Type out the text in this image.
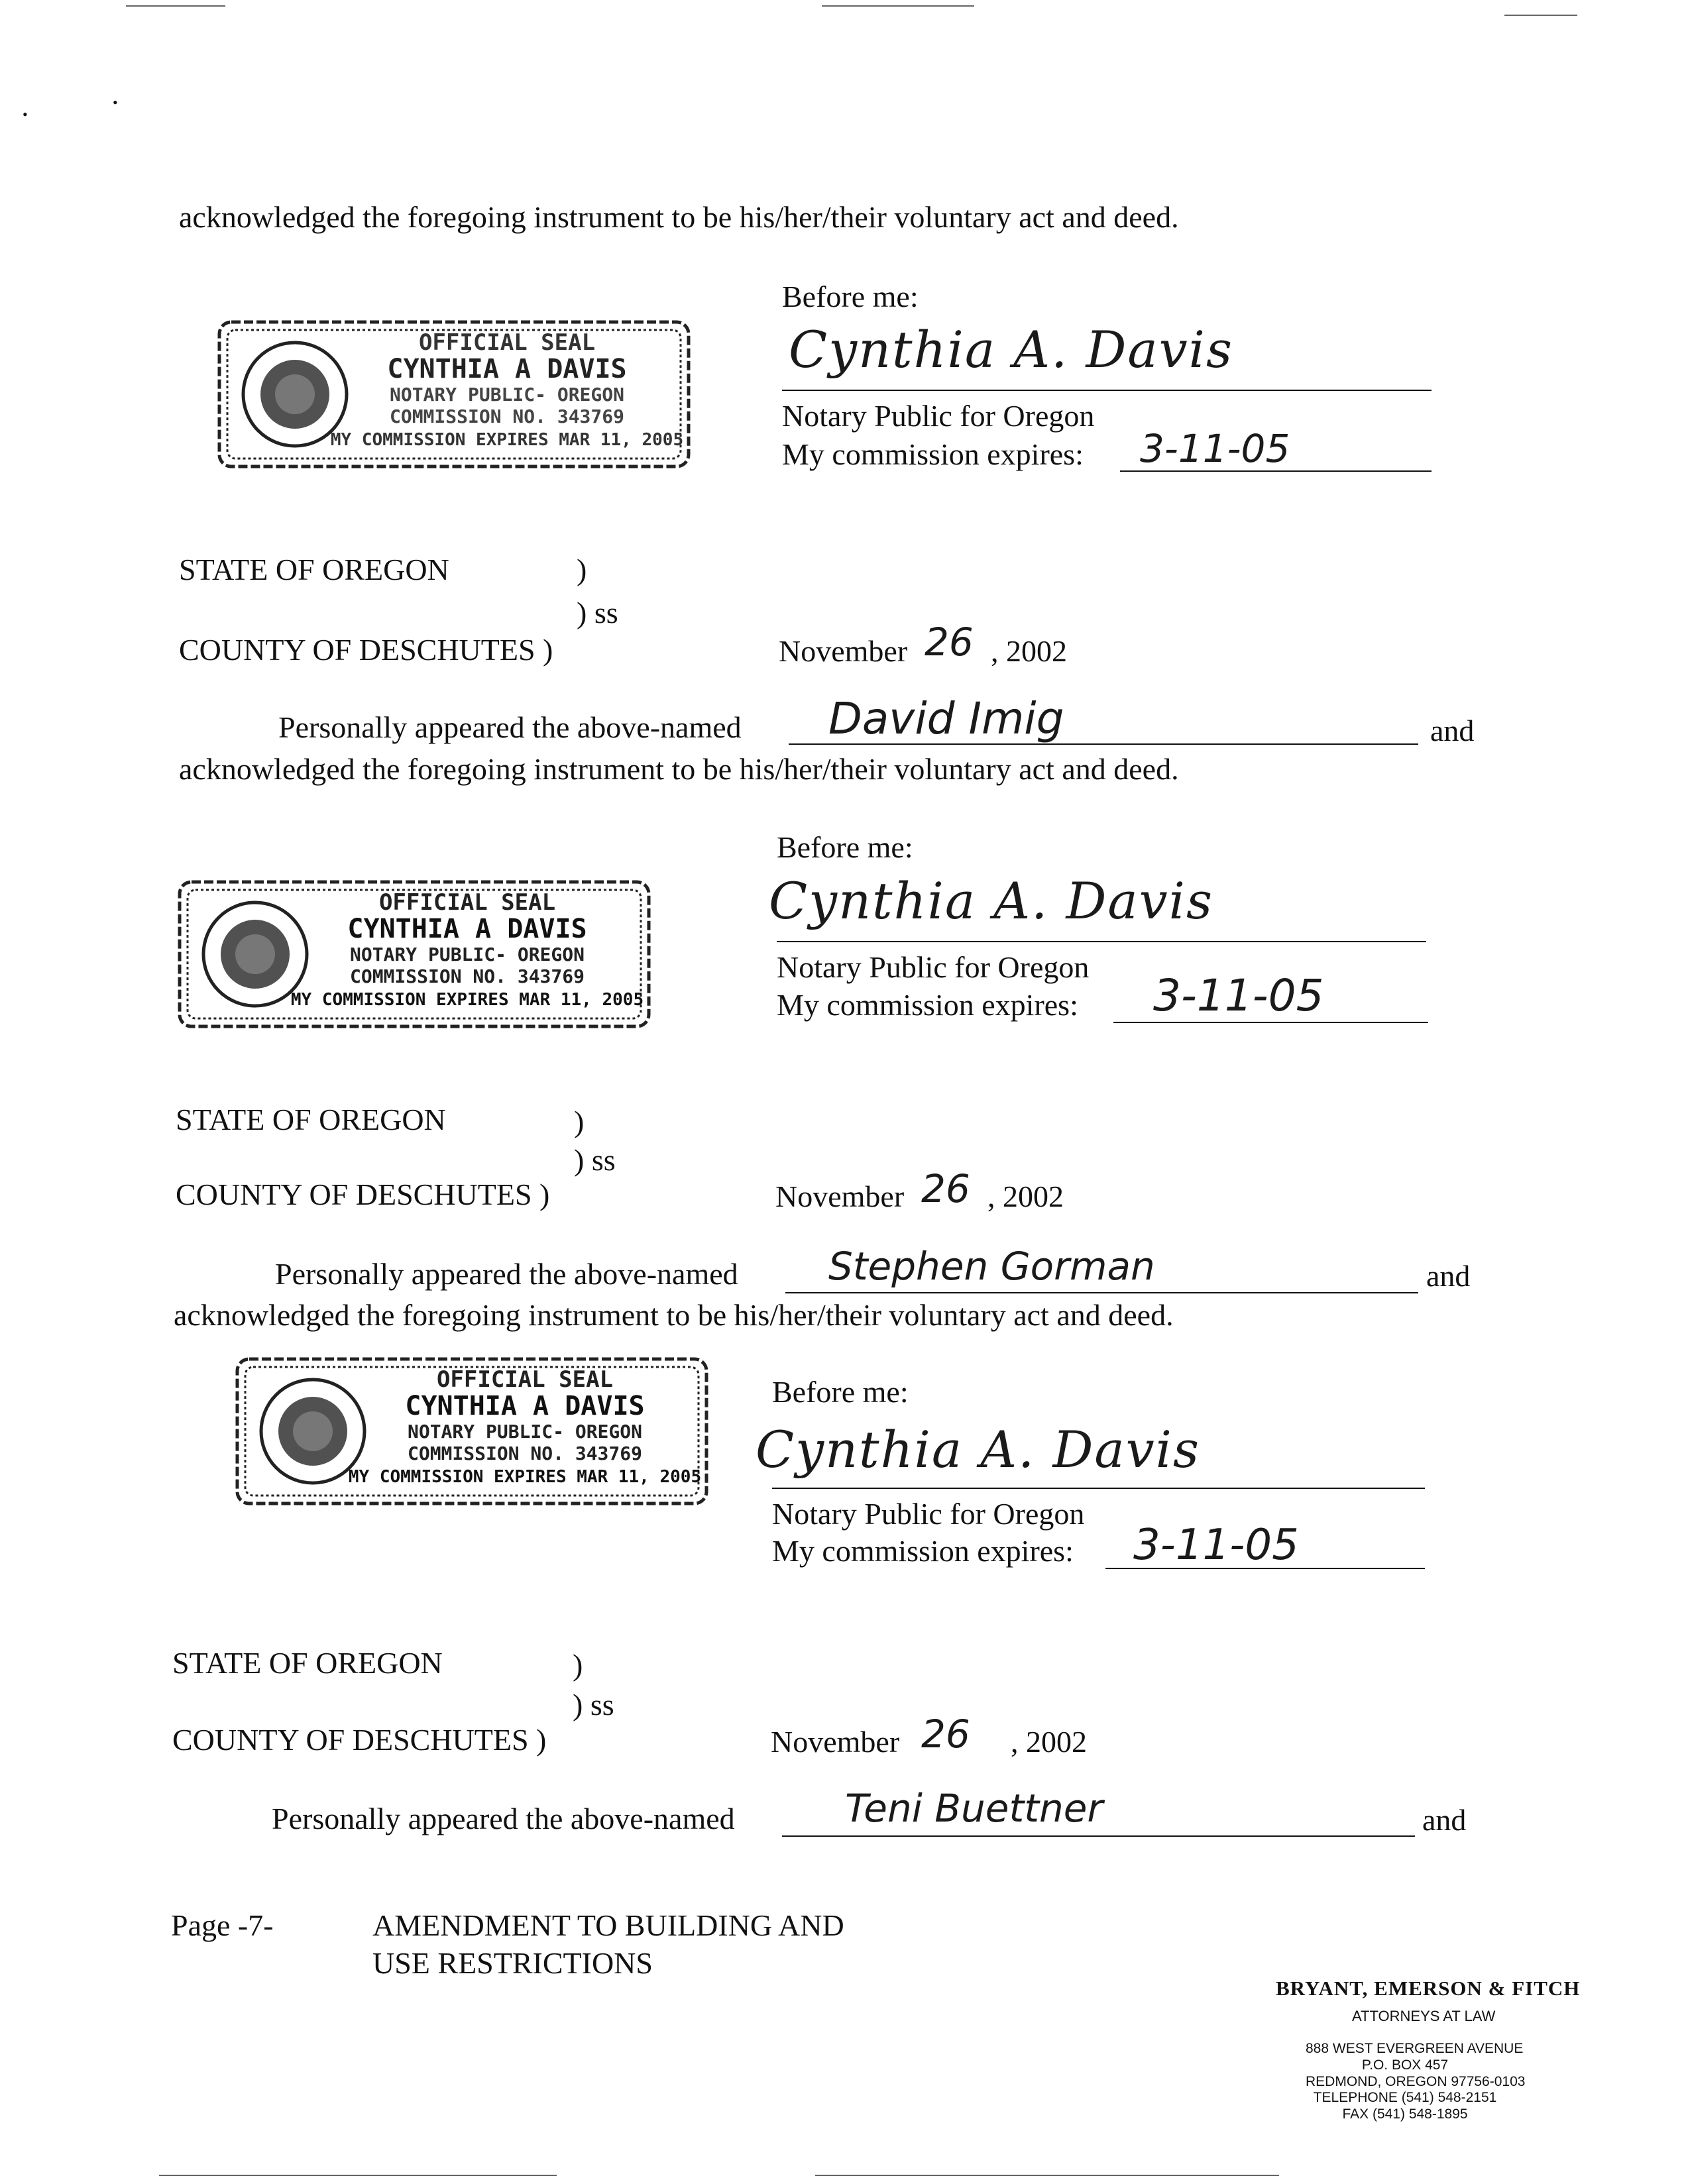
•
•
acknowledged the foregoing instrument to be his/her/their voluntary act and deed.
OFFICIAL SEAL
CYNTHIA A DAVIS
NOTARY PUBLIC- OREGON
COMMISSION NO. 343769
MY COMMISSION EXPIRES MAR 11, 2005
Before me:
Cynthia A. Davis
Notary Public for Oregon
My commission expires: 3-11-05
STATE OF OREGON	)
) ss
COUNTY OF DESCHUTES )	November 26 , 2002
Personally appeared the above-named David Imig	and
acknowledged the foregoing instrument to be his/her/their voluntary act and deed.
OFFICIAL SEAL
CYNTHIA A DAVIS
NOTARY PUBLIC- OREGON
COMMISSION NO. 343769
MY COMMISSION EXPIRES MAR 11, 2005
Before me:
Cynthia A. Davis
Notary Public for Oregon
My commission expires: 3-11-05
STATE OF OREGON	)
) ss
COUNTY OF DESCHUTES )	November 26 , 2002
Personally appeared the above-named Stephen Gorman	and
acknowledged the foregoing instrument to be his/her/their voluntary act and deed.
OFFICIAL SEAL
CYNTHIA A DAVIS
NOTARY PUBLIC- OREGON
COMMISSION NO. 343769
MY COMMISSION EXPIRES MAR 11, 2005
Before me:
Cynthia A. Davis
Notary Public for Oregon
My commission expires: 3-11-05
STATE OF OREGON	)
) ss
COUNTY OF DESCHUTES )	November 26 , 2002
Personally appeared the above-named	Teni Buettner	and
Page -7-	AMENDMENT TO BUILDING AND
USE RESTRICTIONS
BRYANT, EMERSON & FITCH
ATTORNEYS AT LAW
888 WEST EVERGREEN AVENUE
P.O. BOX 457
REDMOND, OREGON 97756-0103
TELEPHONE (541) 548-2151
FAX (541) 548-1895
